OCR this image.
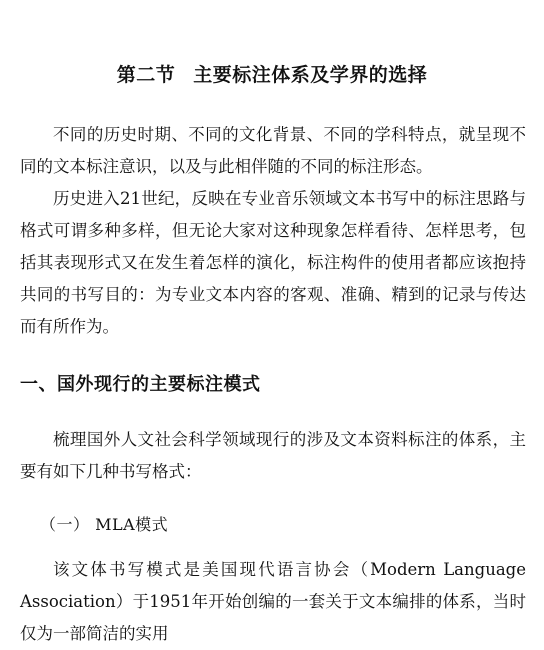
第二节 主要标注体系及学界的选择

不同的历史时期、不同的文化背景、不同的学科特点，就呈现不同的文本标注意识，以及与此相伴随的不同的标注形态。

历史进入21世纪，反映在专业音乐领域文本书写中的标注思路与格式可谓多种多样，但无论大家对这种现象怎样看待、怎样思考，包括其表现形式又在发生着怎样的演化，标注构件的使用者都应该抱持共同的书写目的：为专业文本内容的客观、准确、精到的记录与传达而有所作为。

一、国外现行的主要标注模式

梳理国外人文社会科学领域现行的涉及文本资料标注的体系，主要有如下几种书写格式：

（一） MLA模式

该文体书写模式是美国现代语言协会（Modern Language Association）于1951年开始创编的一套关于文本编排的体系，当时仅为一部简洁的实用
